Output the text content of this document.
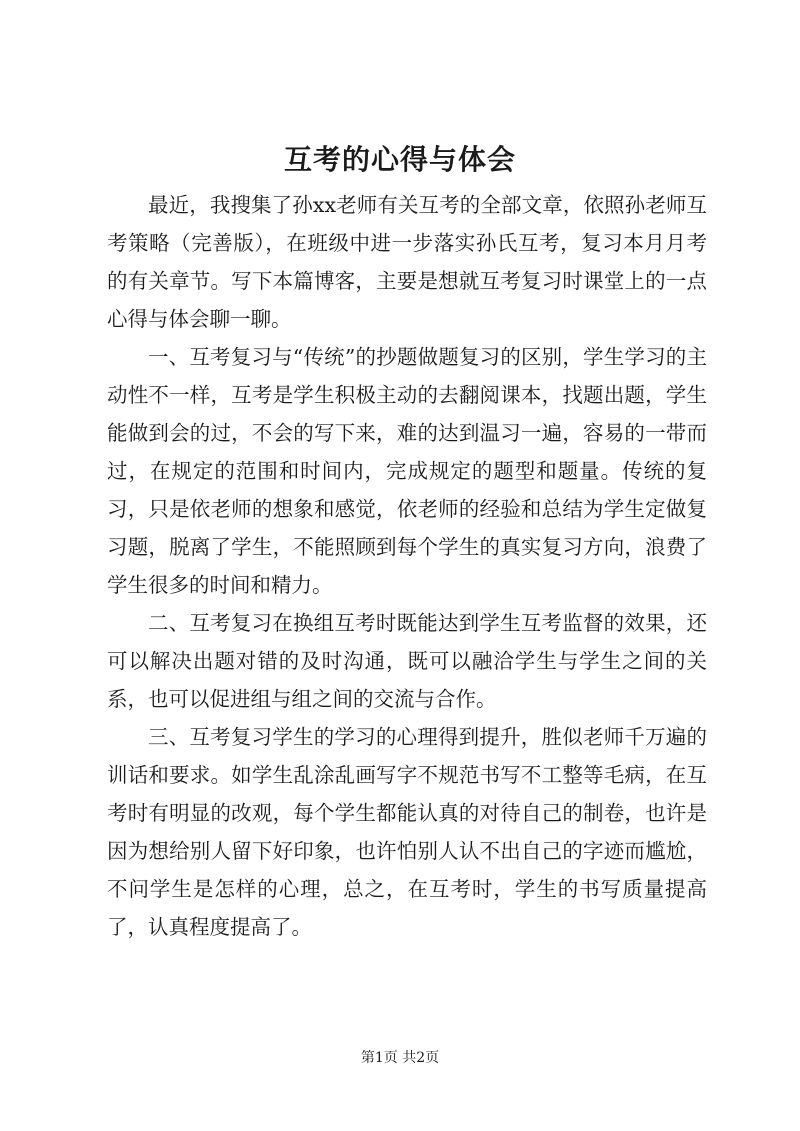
互考的心得与体会

最近，我搜集了孙xx老师有关互考的全部文章，依照孙老师互考策略（完善版），在班级中进一步落实孙氏互考，复习本月月考的有关章节。写下本篇博客，主要是想就互考复习时课堂上的一点心得与体会聊一聊。

一、互考复习与“传统”的抄题做题复习的区别，学生学习的主动性不一样，互考是学生积极主动的去翻阅课本，找题出题，学生能做到会的过，不会的写下来，难的达到温习一遍，容易的一带而过，在规定的范围和时间内，完成规定的题型和题量。传统的复习，只是依老师的想象和感觉，依老师的经验和总结为学生定做复习题，脱离了学生，不能照顾到每个学生的真实复习方向，浪费了学生很多的时间和精力。

二、互考复习在换组互考时既能达到学生互考监督的效果，还可以解决出题对错的及时沟通，既可以融洽学生与学生之间的关系，也可以促进组与组之间的交流与合作。

三、互考复习学生的学习的心理得到提升，胜似老师千万遍的训话和要求。如学生乱涂乱画写字不规范书写不工整等毛病，在互考时有明显的改观，每个学生都能认真的对待自己的制卷，也许是因为想给别人留下好印象，也许怕别人认不出自己的字迹而尴尬，不问学生是怎样的心理，总之，在互考时，学生的书写质量提高了，认真程度提高了。

第1页 共2页
